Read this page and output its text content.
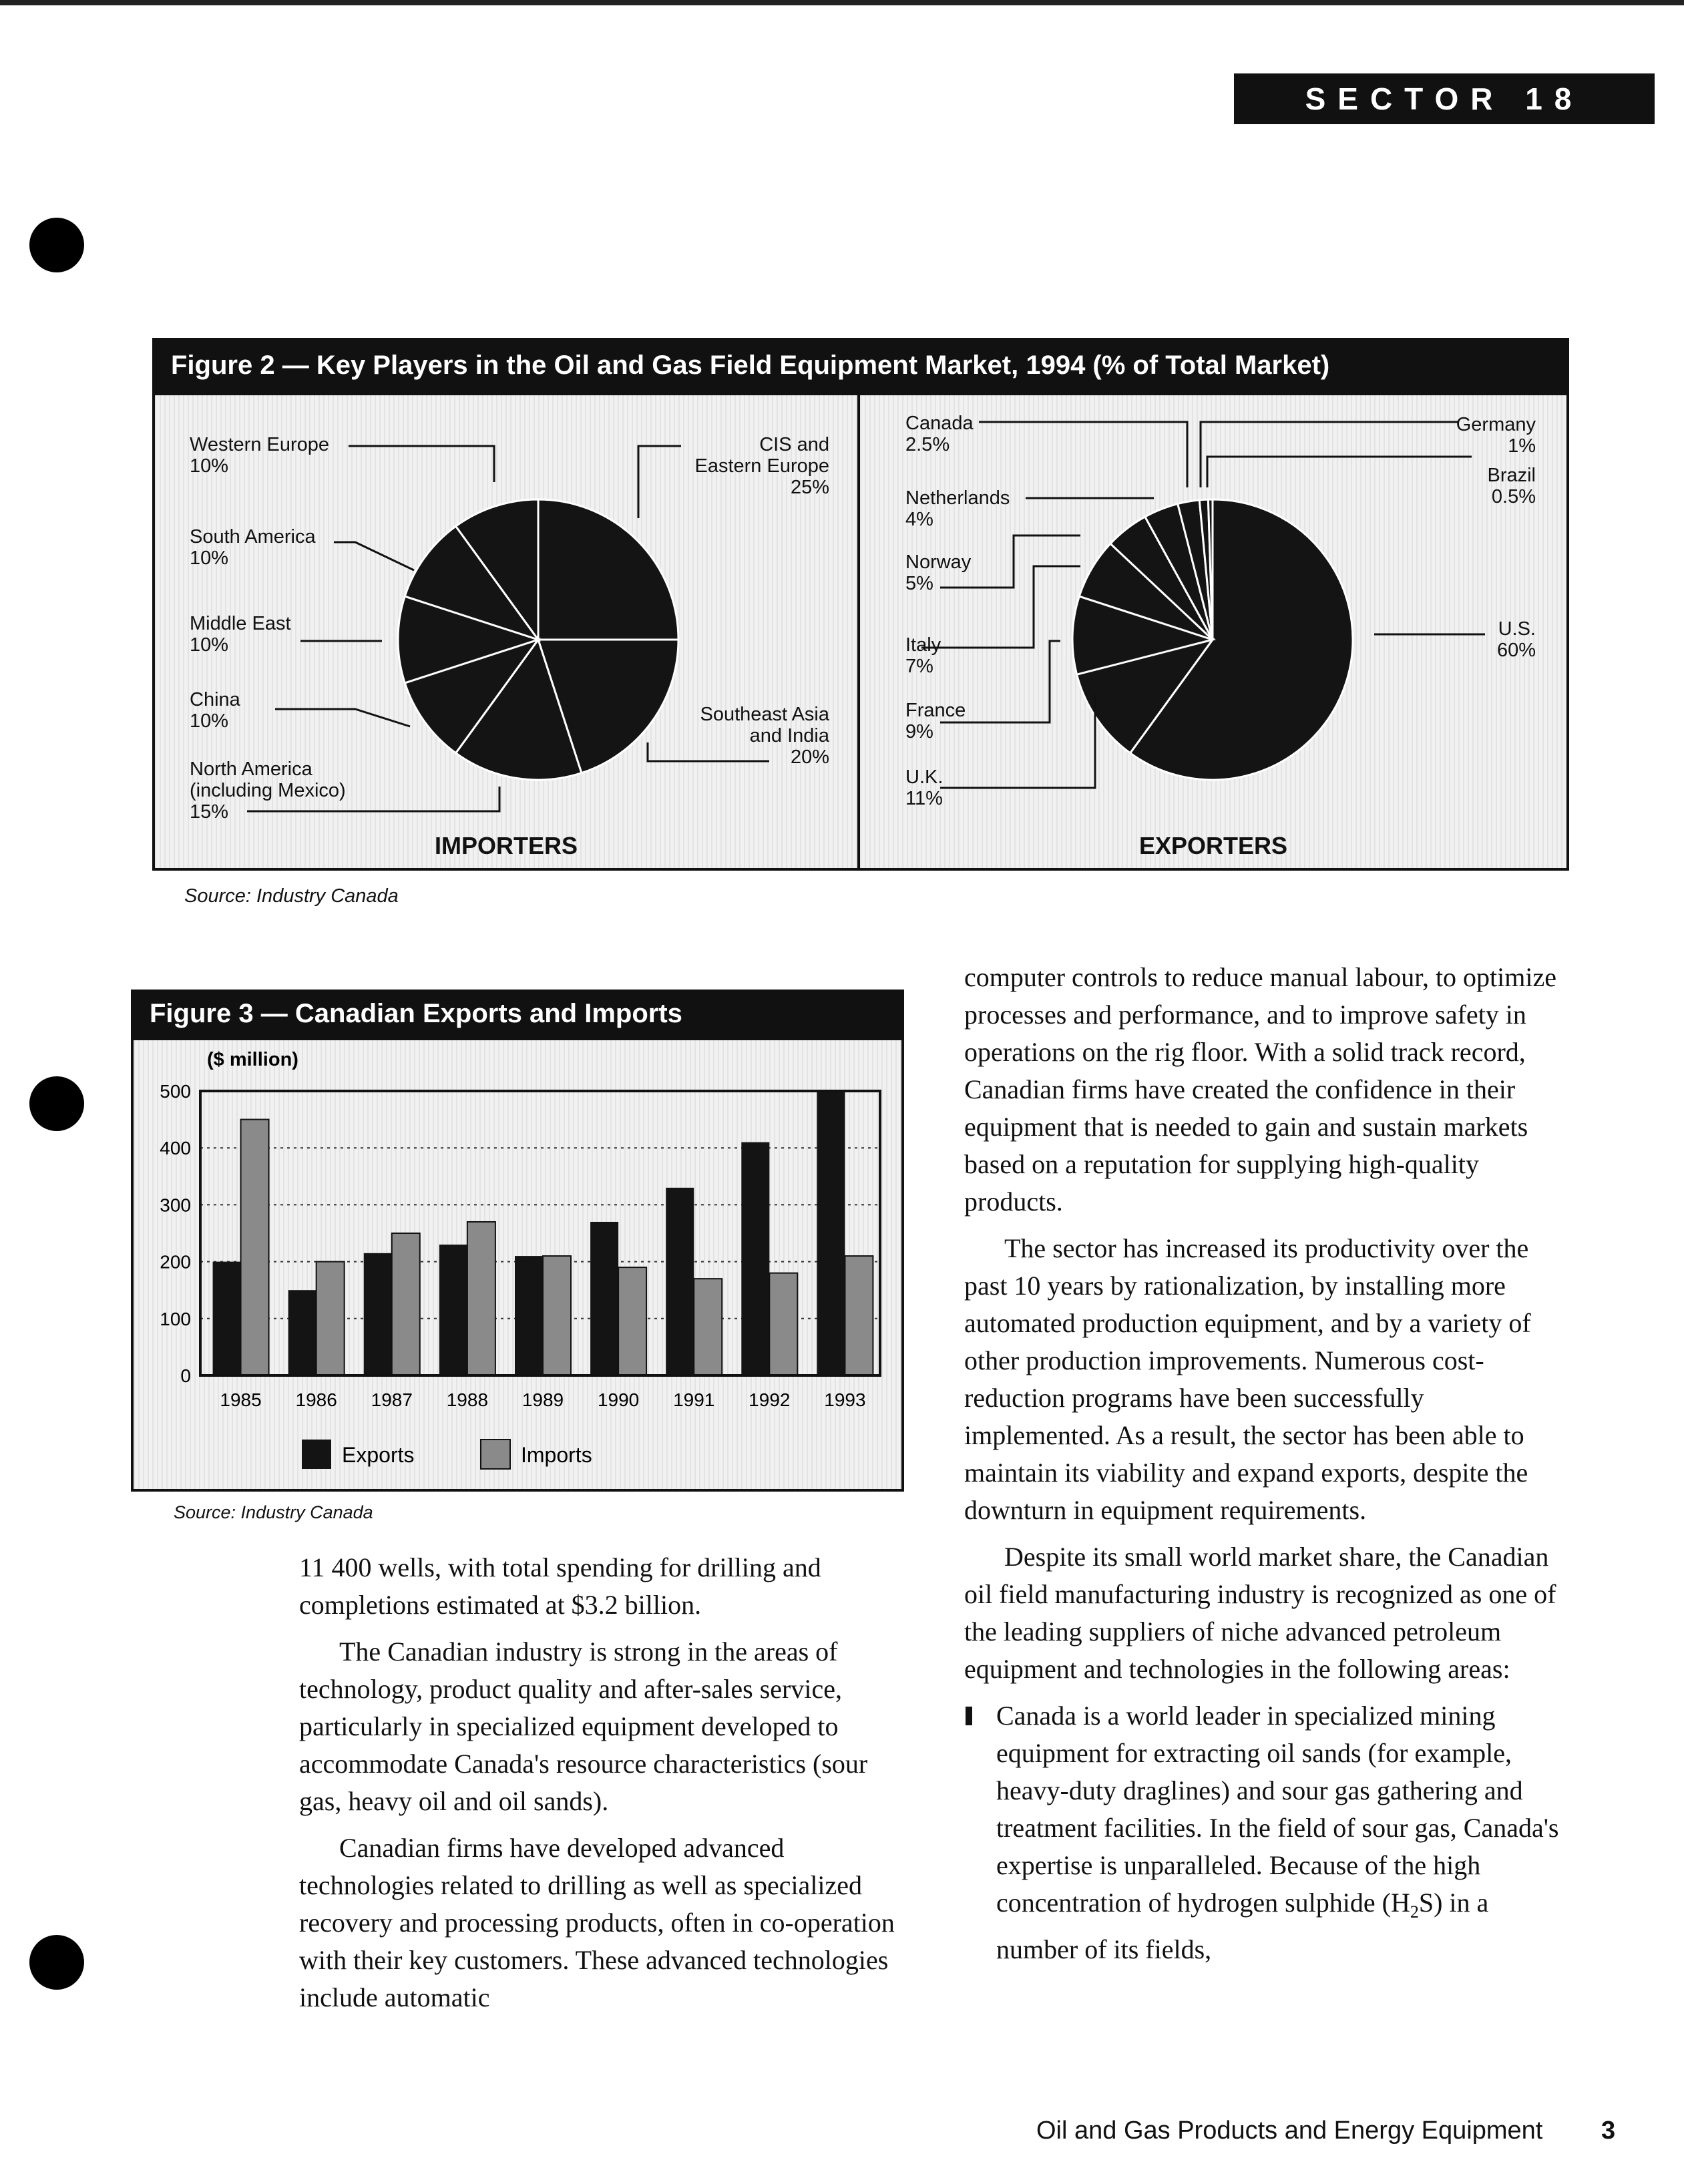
SECTOR 18
Figure 2 — Key Players in the Oil and Gas Field Equipment Market, 1994 (% of Total Market)
Western Europe
10%
South America
10%
Middle East
10%
China
10%
North America
(including Mexico)
15%
CIS and
Eastern Europe
25%
Southeast Asia
and India
20%
IMPORTERS
Canada
2.5%
Netherlands
4%
Norway
5%
Italy
7%
France
9%
U.K.
11%
Germany
1%
Brazil
0.5%
U.S.
60%
EXPORTERS
Source: Industry Canada
Figure 3 — Canadian Exports and Imports
($ million)
0
100
200
300
400
500
1985 1986 1987 1988 1989 1990 1991 1992 1993
Exports	Imports
Source: Industry Canada

11 400 wells, with total spending for drilling and completions estimated at $3.2 billion.

The Canadian industry is strong in the areas of technology, product quality and after-sales service, particularly in specialized equipment developed to accommodate Canada's resource characteristics (sour gas, heavy oil and oil sands).

Canadian firms have developed advanced technologies related to drilling as well as specialized recovery and processing products, often in co-operation with their key customers. These advanced technologies include automatic

computer controls to reduce manual labour, to optimize processes and performance, and to improve safety in operations on the rig floor. With a solid track record, Canadian firms have created the confidence in their equipment that is needed to gain and sustain markets based on a reputation for supplying high-quality products.

The sector has increased its productivity over the past 10 years by rationalization, by installing more automated production equipment, and by a variety of other production improvements. Numerous cost-reduction programs have been successfully implemented. As a result, the sector has been able to maintain its viability and expand exports, despite the downturn in equipment requirements.

Despite its small world market share, the Canadian oil field manufacturing industry is recognized as one of the leading suppliers of niche advanced petroleum equipment and technologies in the following areas:

Canada is a world leader in specialized mining equipment for extracting oil sands (for example, heavy-duty draglines) and sour gas gathering and treatment facilities. In the field of sour gas, Canada's expertise is unparalleled. Because of the high concentration of hydrogen sulphide $(H_2S)$ in a number of its fields,

Oil and Gas Products and Energy Equipment 3
